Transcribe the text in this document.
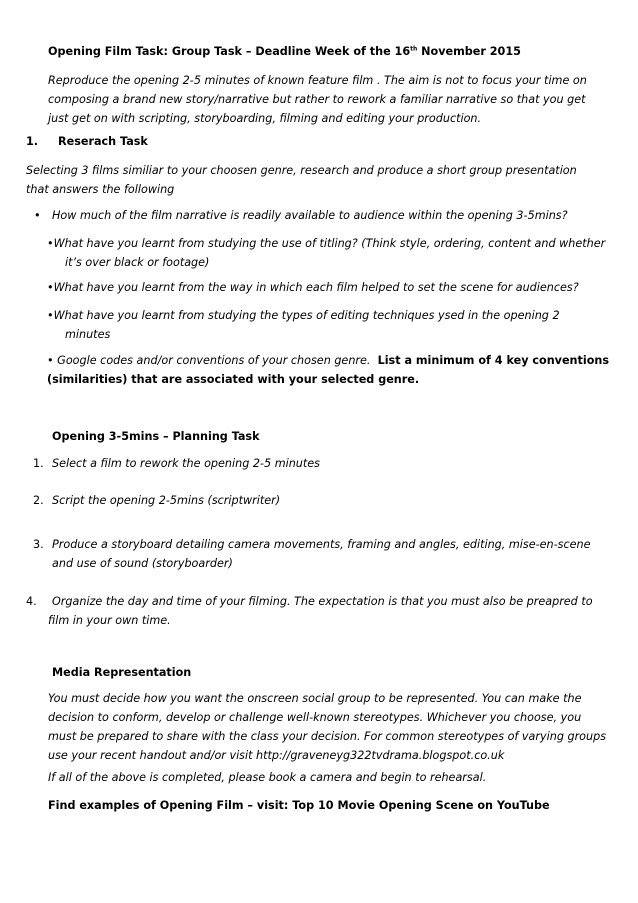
Opening Film Task: Group Task – Deadline Week of the 16th November 2015
Reproduce the opening 2-5 minutes of known feature film . The aim is not to focus your time on
composing a brand new story/narrative but rather to rework a familiar narrative so that you get
just get on with scripting, storyboarding, filming and editing your production.
1. Reserach Task
Selecting 3 films similiar to your choosen genre, research and produce a short group presentation
that answers the following
• How much of the film narrative is readily available to audience within the opening 3-5mins?
•What have you learnt from studying the use of titling? (Think style, ordering, content and whether
it’s over black or footage)
•What have you learnt from the way in which each film helped to set the scene for audiences?
•What have you learnt from studying the types of editing techniques ysed in the opening 2
minutes
• Google codes and/or conventions of your chosen genre. List a minimum of 4 key conventions
(similarities) that are associated with your selected genre.
Opening 3-5mins – Planning Task
1. Select a film to rework the opening 2-5 minutes
2. Script the opening 2-5mins (scriptwriter)
3. Produce a storyboard detailing camera movements, framing and angles, editing, mise-en-scene
and use of sound (storyboarder)
4.	Organize the day and time of your filming. The expectation is that you must also be preapred to
film in your own time.
Media Representation
You must decide how you want the onscreen social group to be represented. You can make the
decision to conform, develop or challenge well-known stereotypes. Whichever you choose, you
must be prepared to share with the class your decision. For common stereotypes of varying groups
use your recent handout and/or visit http://graveneyg322tvdrama.blogspot.co.uk
If all of the above is completed, please book a camera and begin to rehearsal.
Find examples of Opening Film – visit: Top 10 Movie Opening Scene on YouTube
